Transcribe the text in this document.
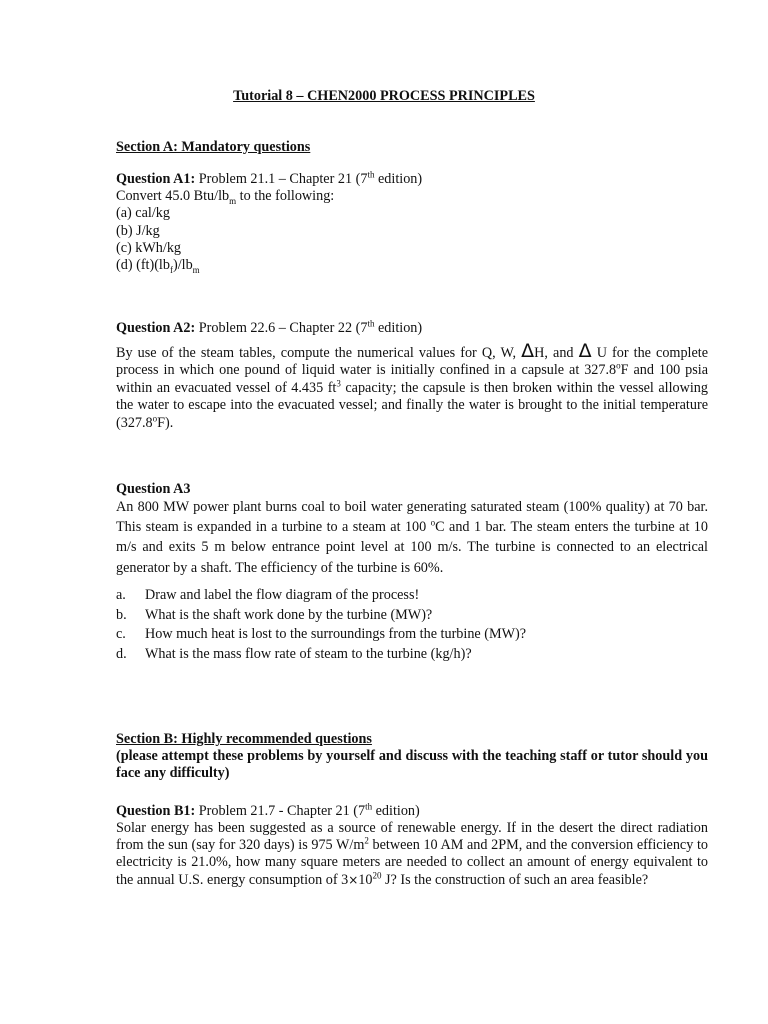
Tutorial 8 – CHEN2000 PROCESS PRINCIPLES
Section A: Mandatory questions
Question A1: Problem 21.1 – Chapter 21 (7th edition)
Convert 45.0 Btu/$lb_m$ to the following:
(a) cal/kg
(b) J/kg
(c) kWh/kg
(d) $(ft)(lb_f)/lb_m$
Question A2: Problem 22.6 – Chapter 22 (7th edition)
By use of the steam tables, compute the numerical values for Q, W, ΔH, and Δ U for the complete process in which one pound of liquid water is initially confined in a capsule at 327.8$^o$F and 100 psia within an evacuated vessel of 4.435 $ft^3$ capacity; the capsule is then broken within the vessel allowing the water to escape into the evacuated vessel; and finally the water is brought to the initial temperature (327.8$^o$F).
Question A3
An 800 MW power plant burns coal to boil water generating saturated steam (100% quality) at 70 bar. This steam is expanded in a turbine to a steam at 100 $^o$C and 1 bar. The steam enters the turbine at 10 m/s and exits 5 m below entrance point level at 100 m/s. The turbine is connected to an electrical generator by a shaft. The efficiency of the turbine is 60%.
a. Draw and label the flow diagram of the process!
b. What is the shaft work done by the turbine (MW)?
c. How much heat is lost to the surroundings from the turbine (MW)?
d. What is the mass flow rate of steam to the turbine (kg/h)?
Section B: Highly recommended questions
(please attempt these problems by yourself and discuss with the teaching staff or tutor should you face any difficulty)
Question B1: Problem 21.7 - Chapter 21 (7th edition)
Solar energy has been suggested as a source of renewable energy. If in the desert the direct radiation from the sun (say for 320 days) is 975 $W/m^2$ between 10 AM and 2PM, and the conversion efficiency to electricity is 21.0%, how many square meters are needed to collect an amount of energy equivalent to the annual U.S. energy consumption of $3\times 10^{20}$ J? Is the construction of such an area feasible?
